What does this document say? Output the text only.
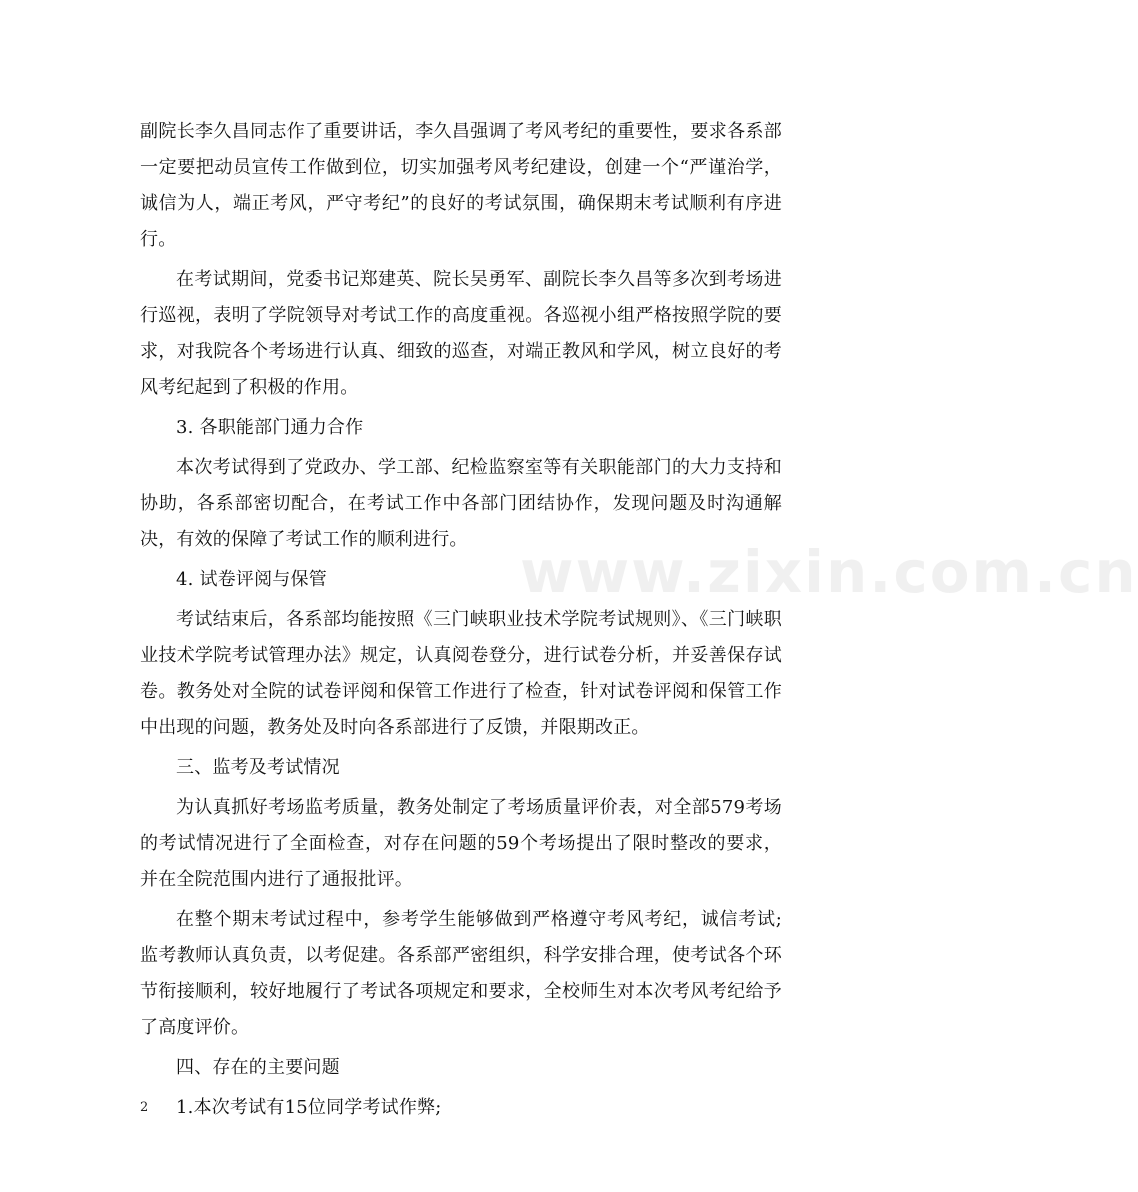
www.zixin.com.cn

副院长李久昌同志作了重要讲话，李久昌强调了考风考纪的重要性，要求各系部一定要把动员宣传工作做到位，切实加强考风考纪建设，创建一个“严谨治学，诚信为人，端正考风，严守考纪”的良好的考试氛围，确保期末考试顺利有序进行。

在考试期间，党委书记郑建英、院长吴勇军、副院长李久昌等多次到考场进行巡视，表明了学院领导对考试工作的高度重视。各巡视小组严格按照学院的要求，对我院各个考场进行认真、细致的巡查，对端正教风和学风，树立良好的考风考纪起到了积极的作用。

3. 各职能部门通力合作

本次考试得到了党政办、学工部、纪检监察室等有关职能部门的大力支持和协助，各系部密切配合，在考试工作中各部门团结协作，发现问题及时沟通解决，有效的保障了考试工作的顺利进行。

4. 试卷评阅与保管

考试结束后，各系部均能按照《三门峡职业技术学院考试规则》、《三门峡职业技术学院考试管理办法》规定，认真阅卷登分，进行试卷分析，并妥善保存试卷。教务处对全院的试卷评阅和保管工作进行了检查，针对试卷评阅和保管工作中出现的问题，教务处及时向各系部进行了反馈，并限期改正。

三、监考及考试情况

为认真抓好考场监考质量，教务处制定了考场质量评价表，对全部579考场的考试情况进行了全面检查，对存在问题的59个考场提出了限时整改的要求，并在全院范围内进行了通报批评。

在整个期末考试过程中，参考学生能够做到严格遵守考风考纪，诚信考试;监考教师认真负责，以考促建。各系部严密组织，科学安排合理，使考试各个环节衔接顺利，较好地履行了考试各项规定和要求，全校师生对本次考风考纪给予了高度评价。

四、存在的主要问题

1.本次考试有15位同学考试作弊;

2
